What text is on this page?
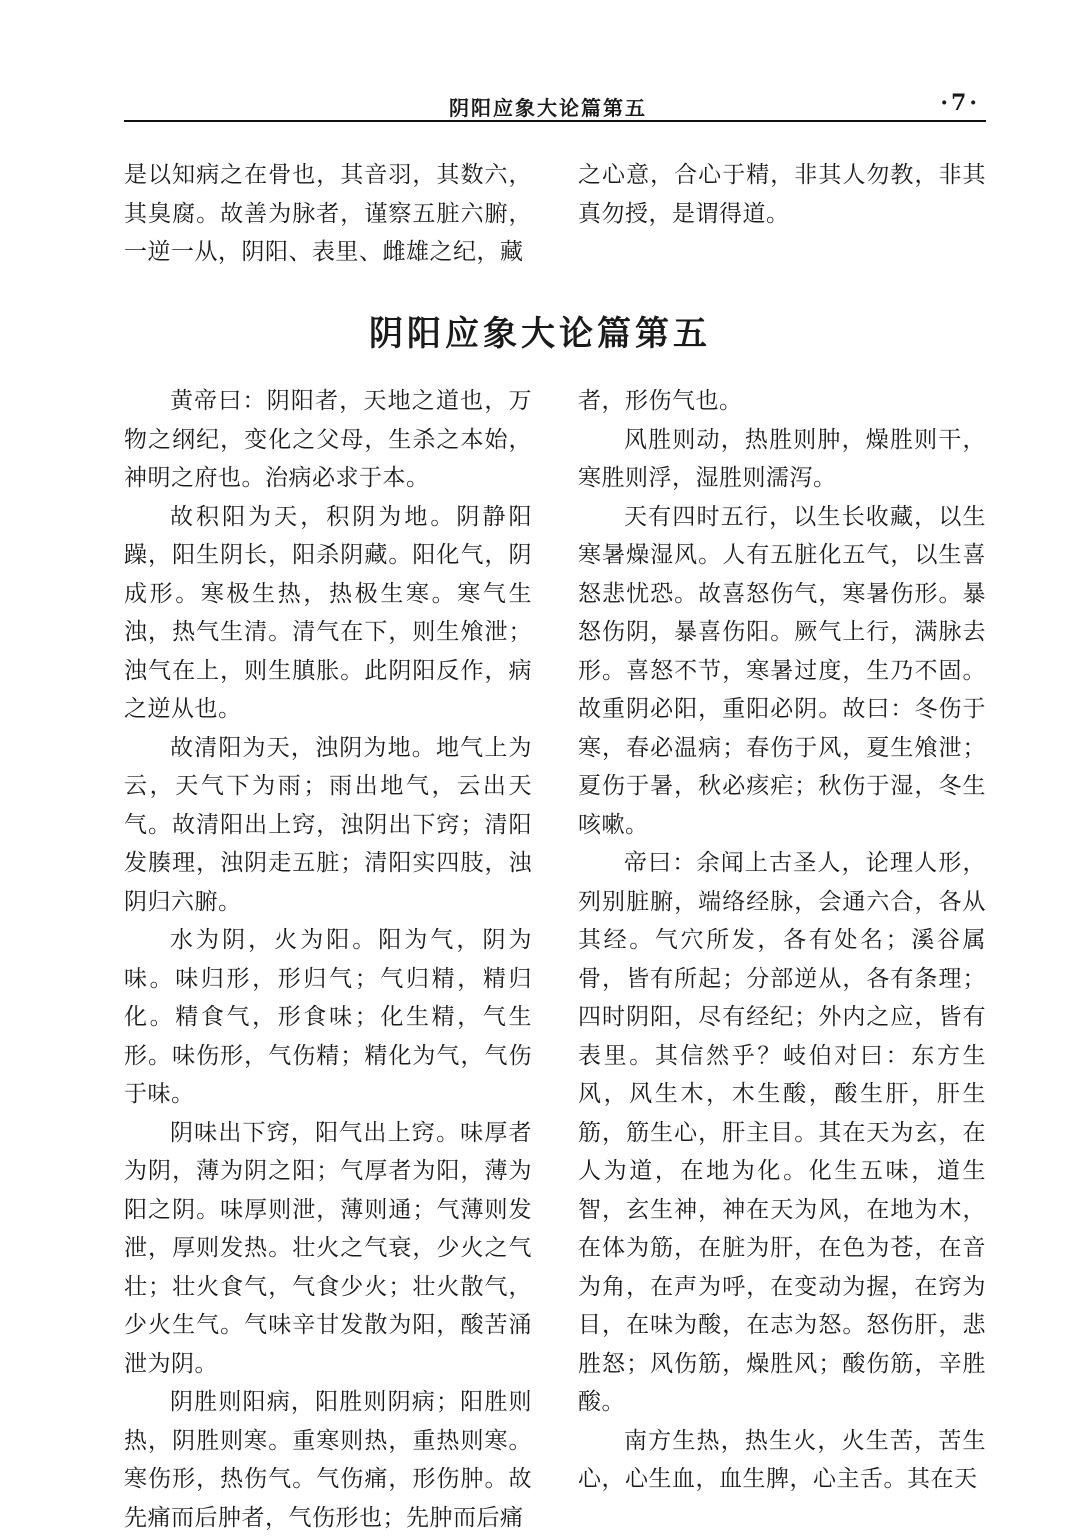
阴阳应象大论篇第五	·7·

是以知病之在骨也，其音羽，其数六，其臭腐。故善为脉者，谨察五脏六腑，一逆一从，阴阳、表里、雌雄之纪，藏

之心意，合心于精，非其人勿教，非其真勿授，是谓得道。

阴阳应象大论篇第五

黄帝曰：阴阳者，天地之道也，万物之纲纪，变化之父母，生杀之本始，神明之府也。治病必求于本。

故积阳为天，积阴为地。阴静阳躁，阳生阴长，阳杀阴藏。阳化气，阴成形。寒极生热，热极生寒。寒气生浊，热气生清。清气在下，则生飧泄；浊气在上，则生䐜胀。此阴阳反作，病之逆从也。

故清阳为天，浊阴为地。地气上为云，天气下为雨；雨出地气，云出天气。故清阳出上窍，浊阴出下窍；清阳发腠理，浊阴走五脏；清阳实四肢，浊阴归六腑。

水为阴，火为阳。阳为气，阴为味。味归形，形归气；气归精，精归化。精食气，形食味；化生精，气生形。味伤形，气伤精；精化为气，气伤于味。

阴味出下窍，阳气出上窍。味厚者为阴，薄为阴之阳；气厚者为阳，薄为阳之阴。味厚则泄，薄则通；气薄则发泄，厚则发热。壮火之气衰，少火之气壮；壮火食气，气食少火；壮火散气，少火生气。气味辛甘发散为阳，酸苦涌泄为阴。

阴胜则阳病，阳胜则阴病；阳胜则热，阴胜则寒。重寒则热，重热则寒。寒伤形，热伤气。气伤痛，形伤肿。故先痛而后肿者，气伤形也；先肿而后痛

者，形伤气也。

风胜则动，热胜则肿，燥胜则干，寒胜则浮，湿胜则濡泻。

天有四时五行，以生长收藏，以生寒暑燥湿风。人有五脏化五气，以生喜怒悲忧恐。故喜怒伤气，寒暑伤形。暴怒伤阴，暴喜伤阳。厥气上行，满脉去形。喜怒不节，寒暑过度，生乃不固。故重阴必阳，重阳必阴。故曰：冬伤于寒，春必温病；春伤于风，夏生飧泄；夏伤于暑，秋必痎疟；秋伤于湿，冬生咳嗽。

帝曰：余闻上古圣人，论理人形，列别脏腑，端络经脉，会通六合，各从其经。气穴所发，各有处名；溪谷属骨，皆有所起；分部逆从，各有条理；四时阴阳，尽有经纪；外内之应，皆有表里。其信然乎？岐伯对曰：东方生风，风生木，木生酸，酸生肝，肝生筋，筋生心，肝主目。其在天为玄，在人为道，在地为化。化生五味，道生智，玄生神，神在天为风，在地为木，在体为筋，在脏为肝，在色为苍，在音为角，在声为呼，在变动为握，在窍为目，在味为酸，在志为怒。怒伤肝，悲胜怒；风伤筋，燥胜风；酸伤筋，辛胜酸。

南方生热，热生火，火生苦，苦生心，心生血，血生脾，心主舌。其在天
